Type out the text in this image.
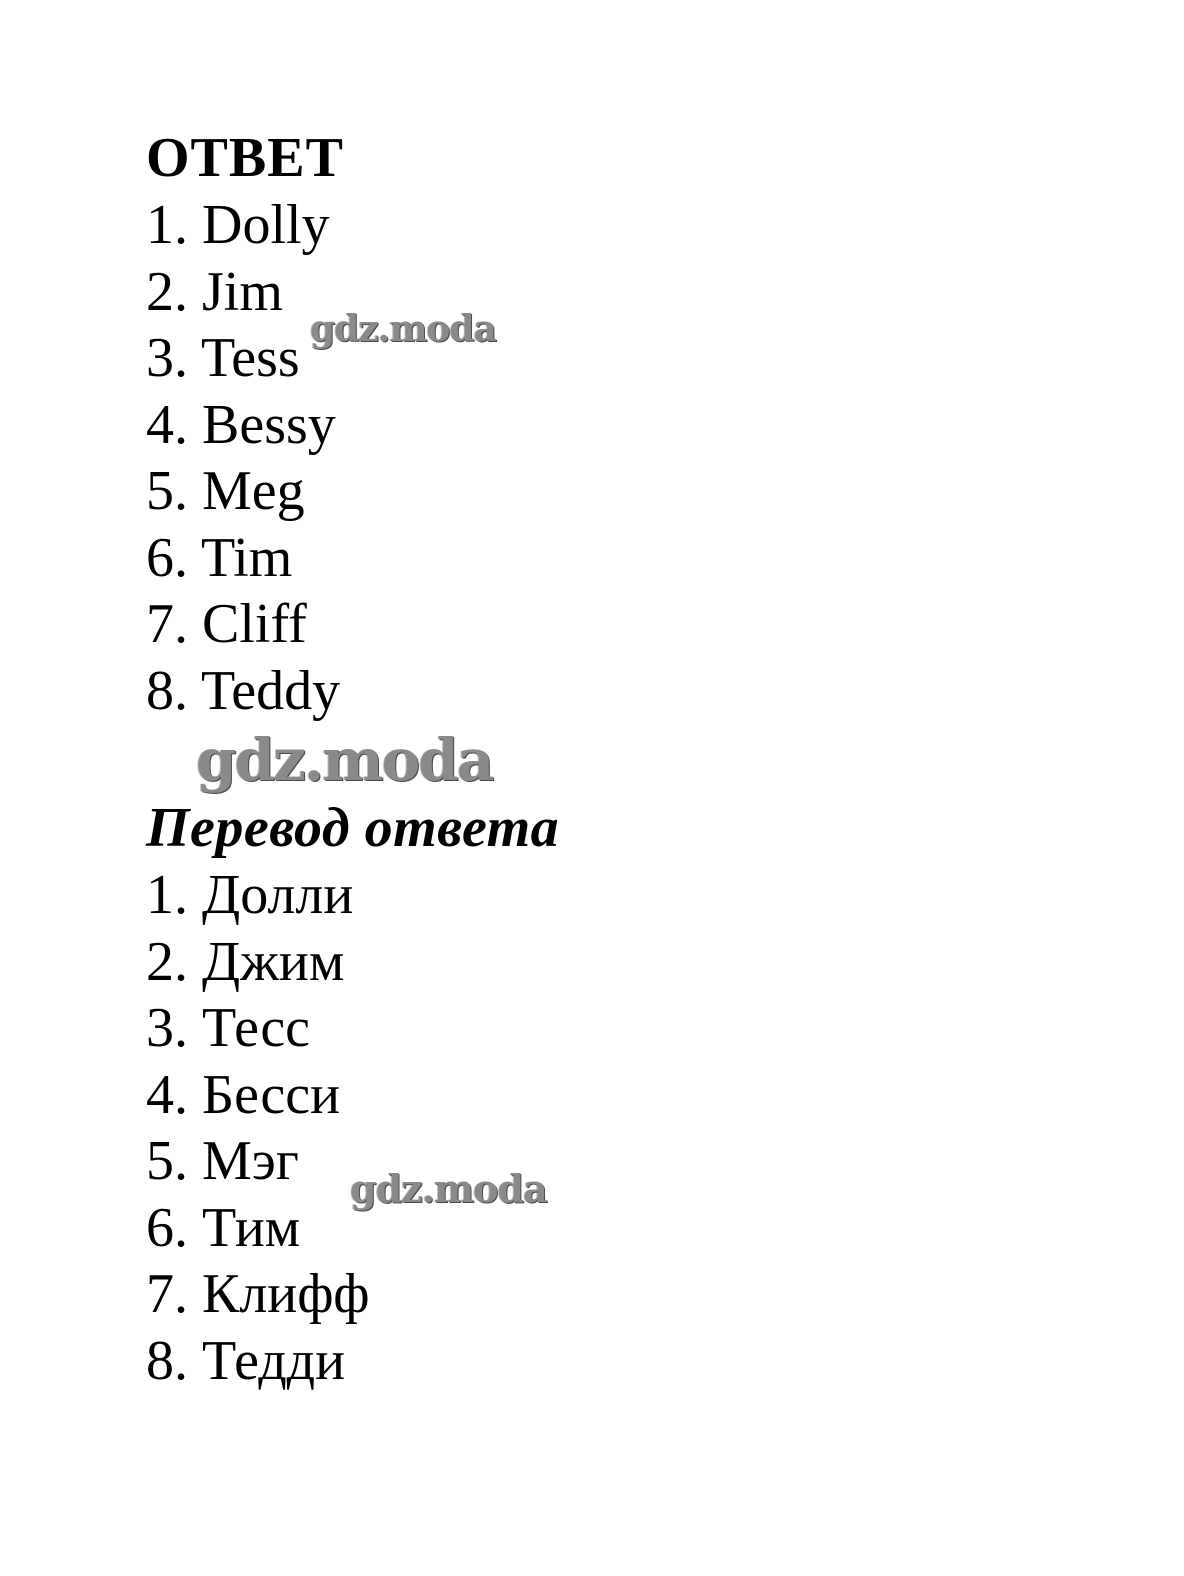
ОТВЕТ
1. Dolly
2. Jim
3. Tess
4. Bessy
5. Meg
6. Tim
7. Cliff
8. Teddy
Перевод ответа
1. Долли
2. Джим
3. Тесс
4. Бесси
5. Мэг
6. Тим
7. Клифф
8. Тедди
gdz.moda
gdz.moda
gdz.moda
